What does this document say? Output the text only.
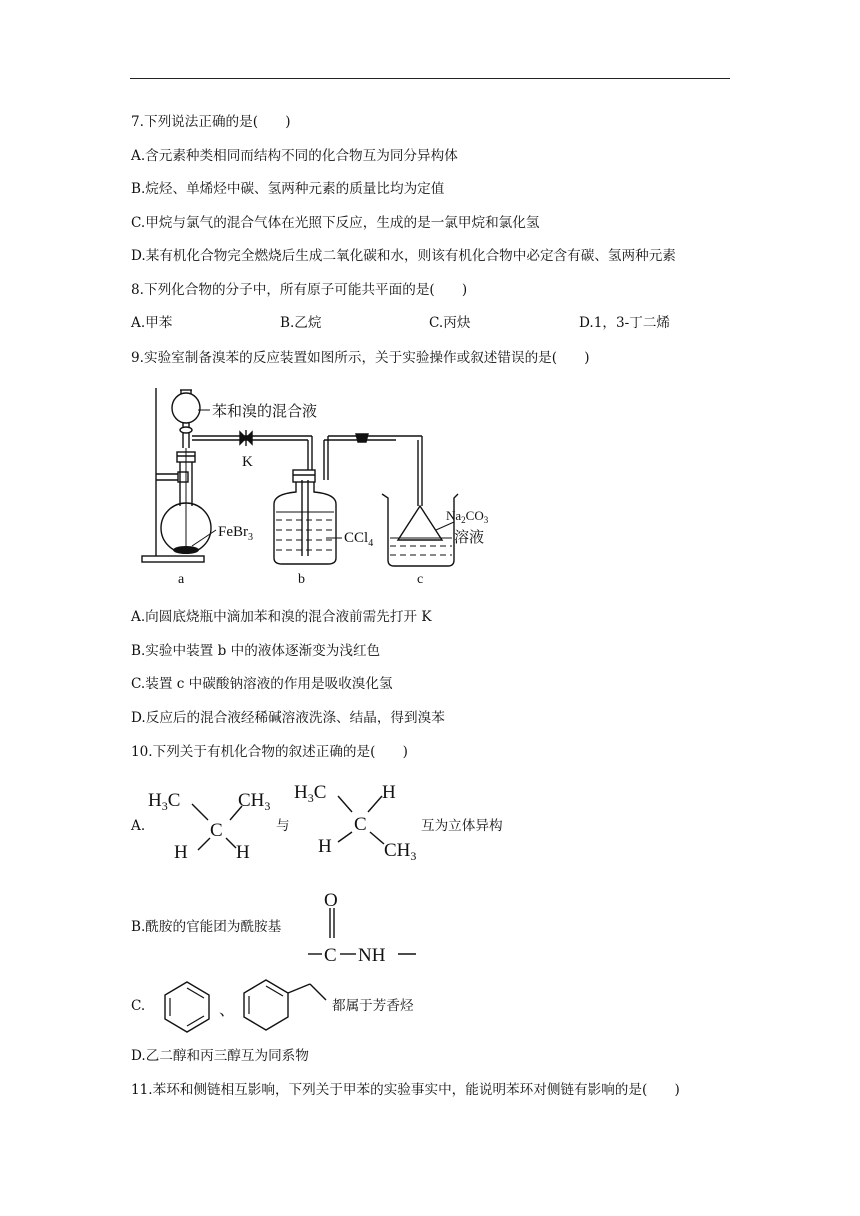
7.下列说法正确的是(　　)
A.含元素种类相同而结构不同的化合物互为同分异构体
B.烷烃、单烯烃中碳、氢两种元素的质量比均为定值
C.甲烷与氯气的混合气体在光照下反应，生成的是一氯甲烷和氯化氢
D.某有机化合物完全燃烧后生成二氧化碳和水，则该有机化合物中必定含有碳、氢两种元素
8.下列化合物的分子中，所有原子可能共平面的是(　　)
A.甲苯	B.乙烷	C.丙炔	D.1，3-丁二烯
9.实验室制备溴苯的反应装置如图所示，关于实验操作或叙述错误的是(　　)
苯和溴的混合液
K
FeBr$_3$	CCl$_4$
$Na_2CO_3$
溶液
a	b	c
A.向圆底烧瓶中滴加苯和溴的混合液前需先打开 K
B.实验中装置 b 中的液体逐渐变为浅红色
C.装置 c 中碳酸钠溶液的作用是吸收溴化氢
D.反应后的混合液经稀碱溶液洗涤、结晶，得到溴苯
10.下列关于有机化合物的叙述正确的是(　　)
A.
$H_3C$	$CH_3$
C
H	H
与
$H_3C$	H
C
H	$CH_3$
互为立体异构
B.酰胺的官能团为酰胺基
O
C NH
C.	、	都属于芳香烃
D.乙二醇和丙三醇互为同系物
11.苯环和侧链相互影响，下列关于甲苯的实验事实中，能说明苯环对侧链有影响的是(　　)
